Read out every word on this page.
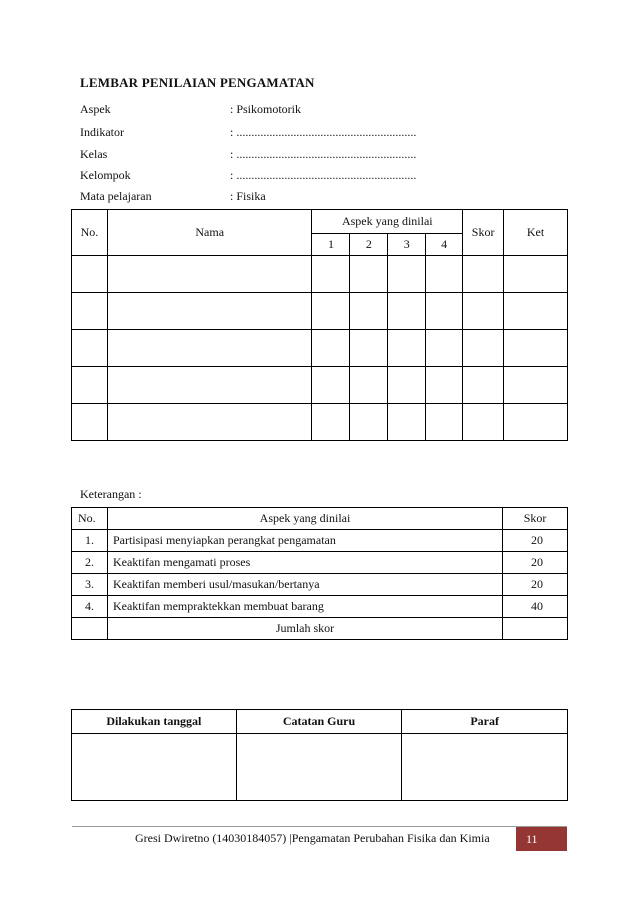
LEMBAR PENILAIAN PENGAMATAN
Aspek	: Psikomotorik
Indikator	: ............................................................
Kelas	: ............................................................
Kelompok	: ............................................................
Mata pelajaran	: Fisika
No.	Nama	Aspek yang dinilai				Skor	Ket
		1	2	3	4		

Keterangan :
No.	Aspek yang dinilai	Skor
1.	Partisipasi menyiapkan perangkat pengamatan	20
2.	Keaktifan mengamati proses	20
3.	Keaktifan memberi usul/masukan/bertanya	20
4.	Keaktifan mempraktekkan membuat barang	40
	Jumlah skor	
Dilakukan tanggal	Catatan Guru	Paraf

Gresi Dwiretno (14030184057) |Pengamatan Perubahan Fisika dan Kimia	11
